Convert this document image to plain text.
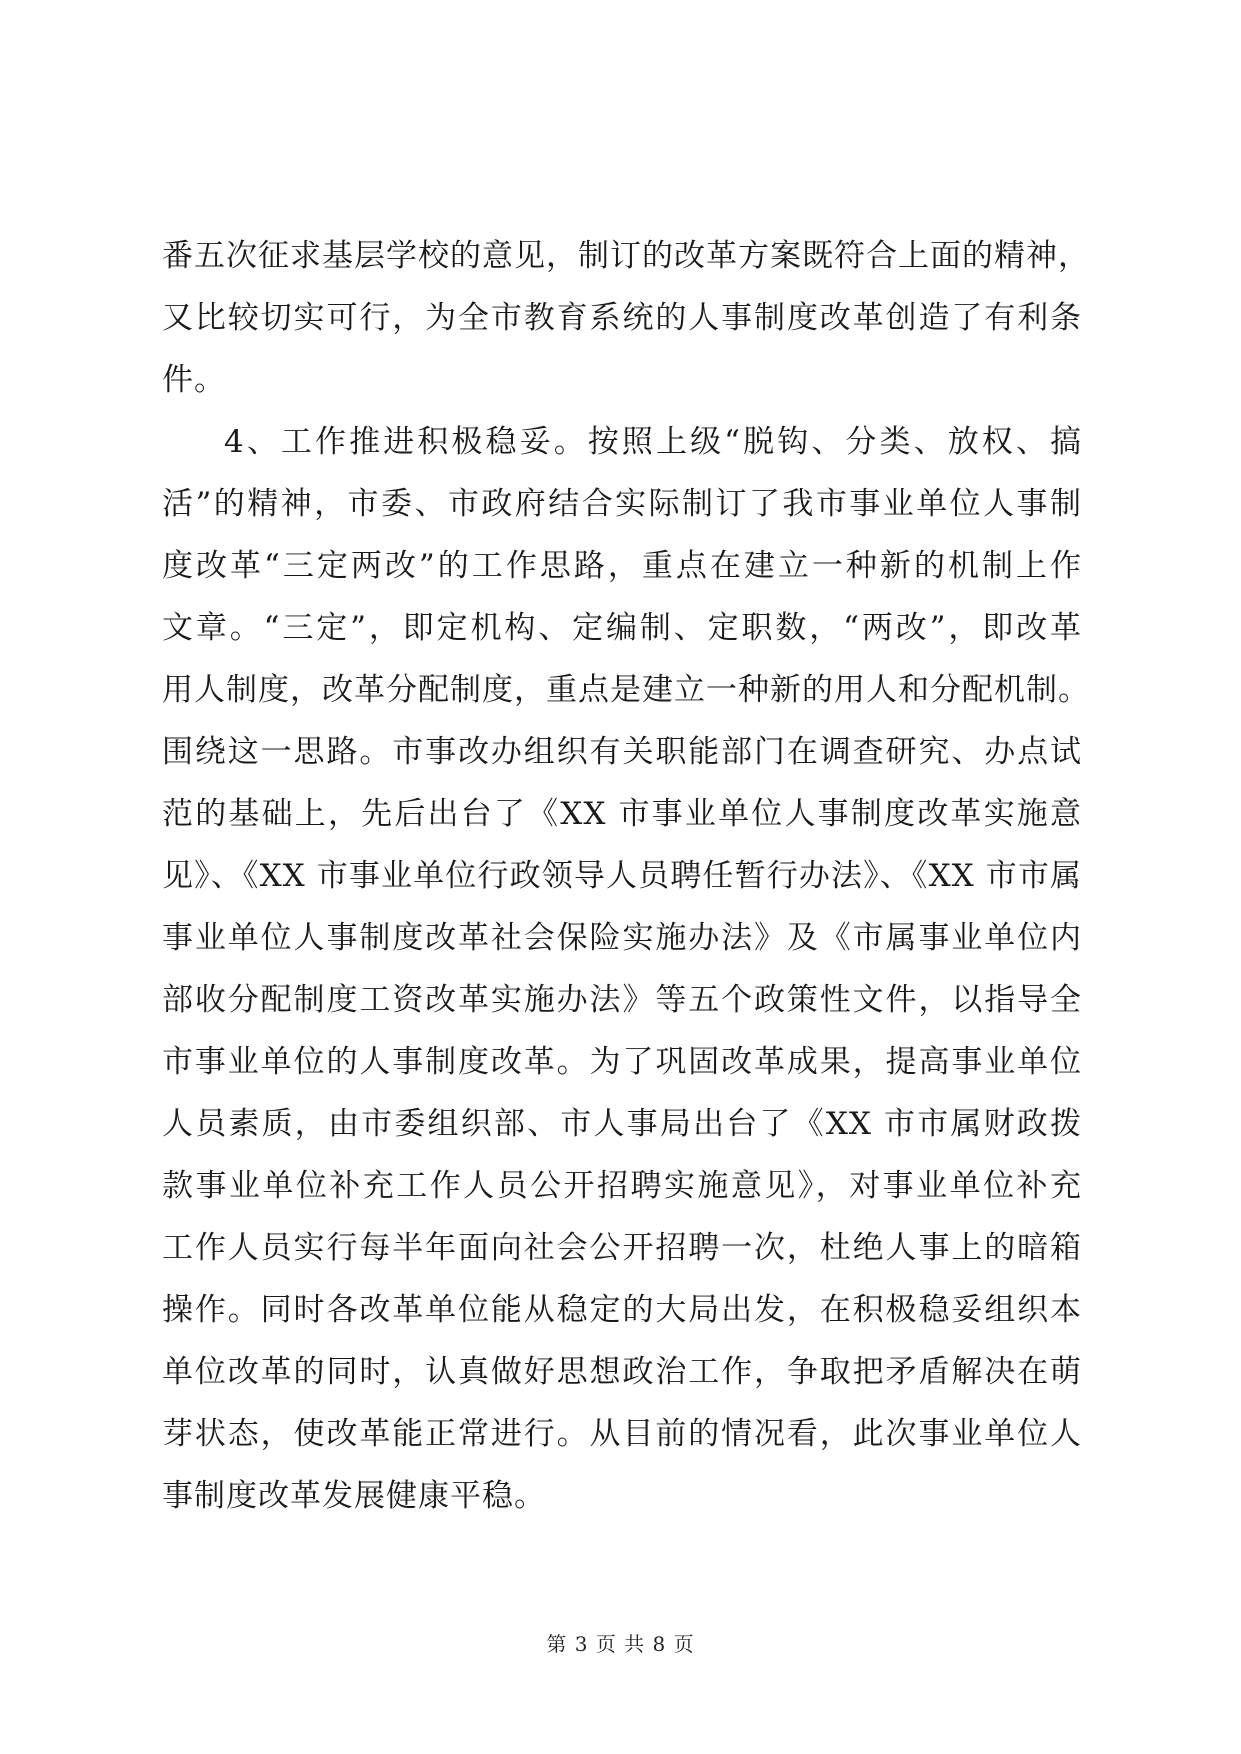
番五次征求基层学校的意见，制订的改革方案既符合上面的精神，
又比较切实可行，为全市教育系统的人事制度改革创造了有利条
件。
4、工作推进积极稳妥。按照上级“脱钩、分类、放权、搞
活”的精神，市委、市政府结合实际制订了我市事业单位人事制
度改革“三定两改”的工作思路，重点在建立一种新的机制上作
文章。“三定”，即定机构、定编制、定职数，“两改”，即改革
用人制度，改革分配制度，重点是建立一种新的用人和分配机制。
围绕这一思路。市事改办组织有关职能部门在调查研究、办点试
范的基础上，先后出台了《XX 市事业单位人事制度改革实施意
见》、《XX 市事业单位行政领导人员聘任暂行办法》、《XX 市市属
事业单位人事制度改革社会保险实施办法》及《市属事业单位内
部收分配制度工资改革实施办法》等五个政策性文件，以指导全
市事业单位的人事制度改革。为了巩固改革成果，提高事业单位
人员素质，由市委组织部、市人事局出台了《XX 市市属财政拨
款事业单位补充工作人员公开招聘实施意见》，对事业单位补充
工作人员实行每半年面向社会公开招聘一次，杜绝人事上的暗箱
操作。同时各改革单位能从稳定的大局出发，在积极稳妥组织本
单位改革的同时，认真做好思想政治工作，争取把矛盾解决在萌
芽状态，使改革能正常进行。从目前的情况看，此次事业单位人
事制度改革发展健康平稳。
第 3 页 共 8 页
